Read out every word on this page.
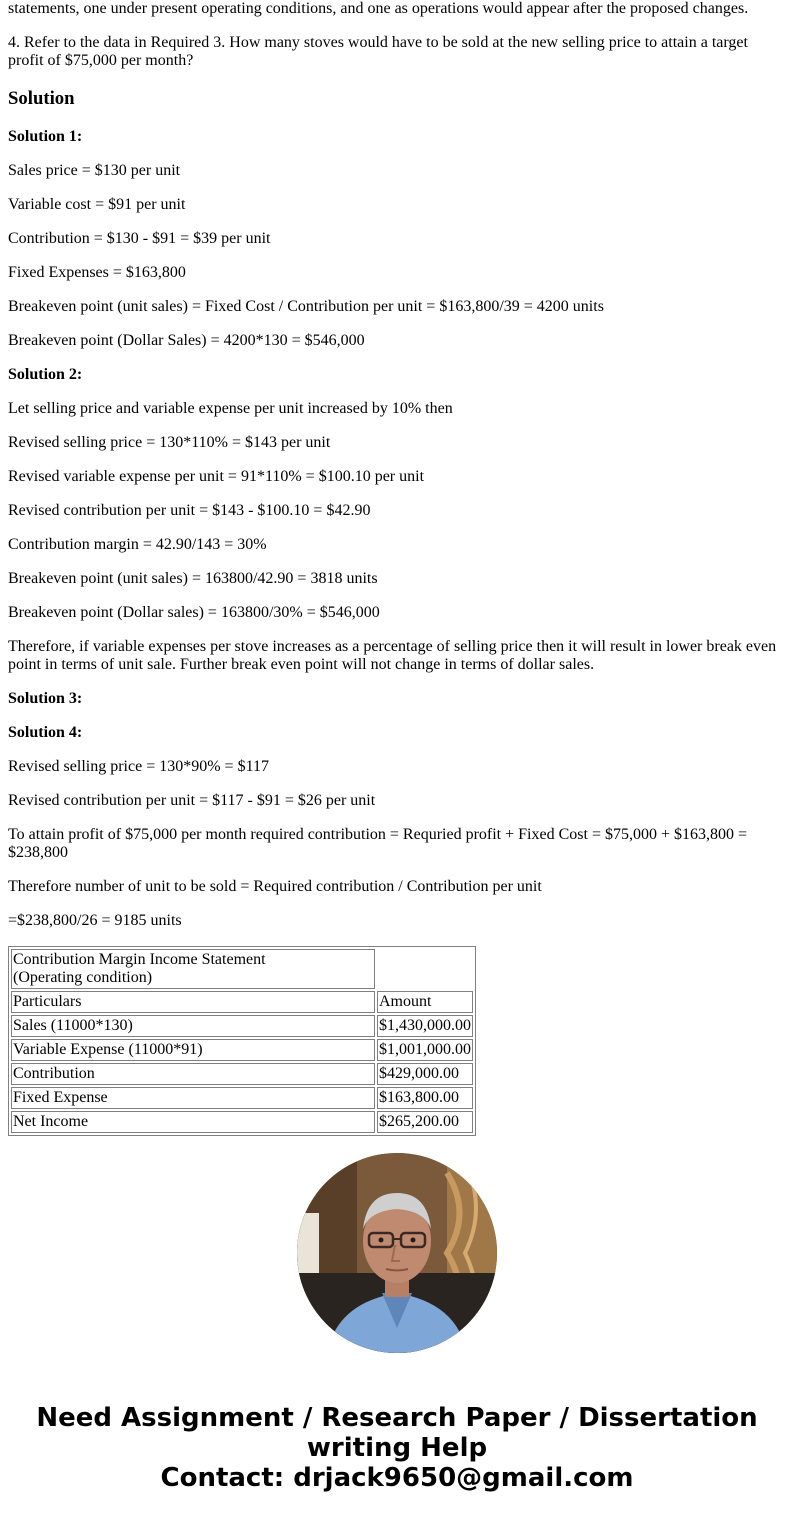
statements, one under present operating conditions, and one as operations would appear after the proposed changes.

4. Refer to the data in Required 3. How many stoves would have to be sold at the new selling price to attain a target profit of $75,000 per month?

Solution

Solution 1:

Sales price = $130 per unit

Variable cost = $91 per unit

Contribution = $130 - $91 = $39 per unit

Fixed Expenses = $163,800

Breakeven point (unit sales) = Fixed Cost / Contribution per unit = $163,800/39 = 4200 units

Breakeven point (Dollar Sales) = 4200*130 = $546,000

Solution 2:

Let selling price and variable expense per unit increased by 10% then

Revised selling price = 130*110% = $143 per unit

Revised variable expense per unit = 91*110% = $100.10 per unit

Revised contribution per unit = $143 - $100.10 = $42.90

Contribution margin = 42.90/143 = 30%

Breakeven point (unit sales) = 163800/42.90 = 3818 units

Breakeven point (Dollar sales) = 163800/30% = $546,000

Therefore, if variable expenses per stove increases as a percentage of selling price then it will result in lower break even point in terms of unit sale. Further break even point will not change in terms of dollar sales.

Solution 3:

Solution 4:

Revised selling price = 130*90% = $117

Revised contribution per unit = $117 - $91 = $26 per unit

To attain profit of $75,000 per month required contribution = Requried profit + Fixed Cost = $75,000 + $163,800 = $238,800

Therefore number of unit to be sold = Required contribution / Contribution per unit

=$238,800/26 = 9185 units

Contribution Margin Income Statement
(Operating condition)	
Particulars	Amount
Sales (11000*130)	$1,430,000.00
Variable Expense (11000*91)	$1,001,000.00
Contribution	$429,000.00
Fixed Expense	$163,800.00
Net Income	$265,200.00
Need Assignment / Research Paper / Dissertation
writing Help
Contact: drjack9650@gmail.com
